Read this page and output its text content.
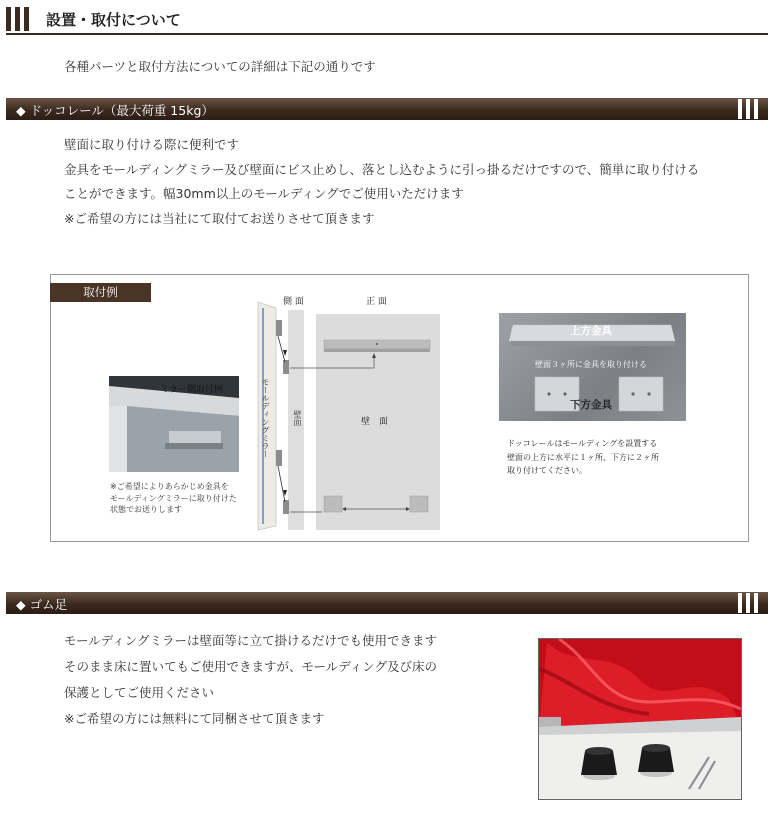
設置・取付について
各種パーツと取付方法についての詳細は下記の通りです
◆ ドッコレール（最大荷重 15kg）
壁面に取り付ける際に便利です
金具をモールディングミラー及び壁面にビス止めし、落とし込むように引っ掛るだけですので、簡単に取り付ける
ことができます。幅30mm以上のモールディングでご使用いただけます
※ご希望の方には当社にて取付てお送りさせて頂きます
取付例
ミラー側取付例
※ご希望によりあらかじめ金具を
モールディングミラーに取り付けた
状態でお送りします
側 面	正 面
モールディングミラー	壁面	壁　面
上方金具
壁面３ヶ所に金具を取り付ける
下方金具
ドッコレールはモールディングを設置する
壁面の上方に水平に１ヶ所、下方に２ヶ所
取り付けてください。
◆ ゴム足
モールディングミラーは壁面等に立て掛けるだけでも使用できます
そのまま床に置いてもご使用できますが、モールディング及び床の
保護としてご使用ください
※ご希望の方には無料にて同梱させて頂きます
